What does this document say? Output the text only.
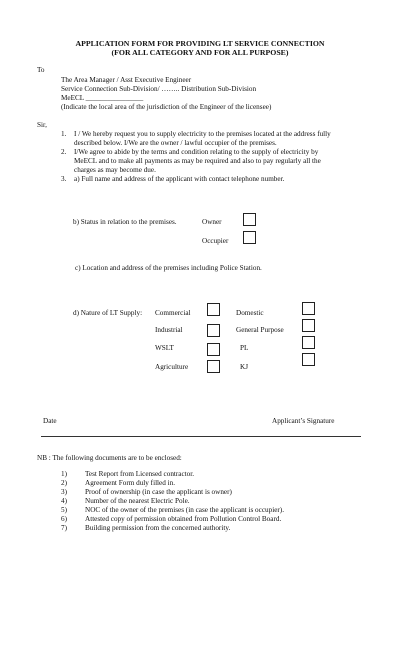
APPLICATION FORM FOR PROVIDING LT SERVICE CONNECTION
(FOR ALL CATEGORY AND FOR ALL PURPOSE)
To
The Area Manager / Asst Executive Engineer
Service Connection Sub-Division/ …….. Distribution Sub-Division
MeECL ________________
(Indicate the local area of the jurisdiction of the Engineer of the licensee)
Sir,
1. I / We hereby request you to supply electricity to the premises located at the address fully
described below. I/We are the owner / lawful occupier of the premises.
2. I/We agree to abide by the terms and condition relating to the supply of electricity by
MeECL and to make all payments as may be required and also to pay regularly all the
charges as may become due.
3. a) Full name and address of the applicant with contact telephone number.
b) Status in relation to the premises.	Owner
Occupier
c) Location and address of the premises including Police Station.
d) Nature of LT Supply: Commercial	Domestic
Industrial	General Purpose
WSLT	PL
Agriculture	KJ
Date	Applicant’s Signature
NB : The following documents are to be enclosed:
1)	Test Report from Licensed contractor.
2)	Agreement Form duly filled in.
3)	Proof of ownership (in case the applicant is owner)
4)	Number of the nearest Electric Pole.
5)	NOC of the owner of the premises (in case the applicant is occupier).
6)	Attested copy of permission obtained from Pollution Control Board.
7)	Building permission from the concerned authority.
